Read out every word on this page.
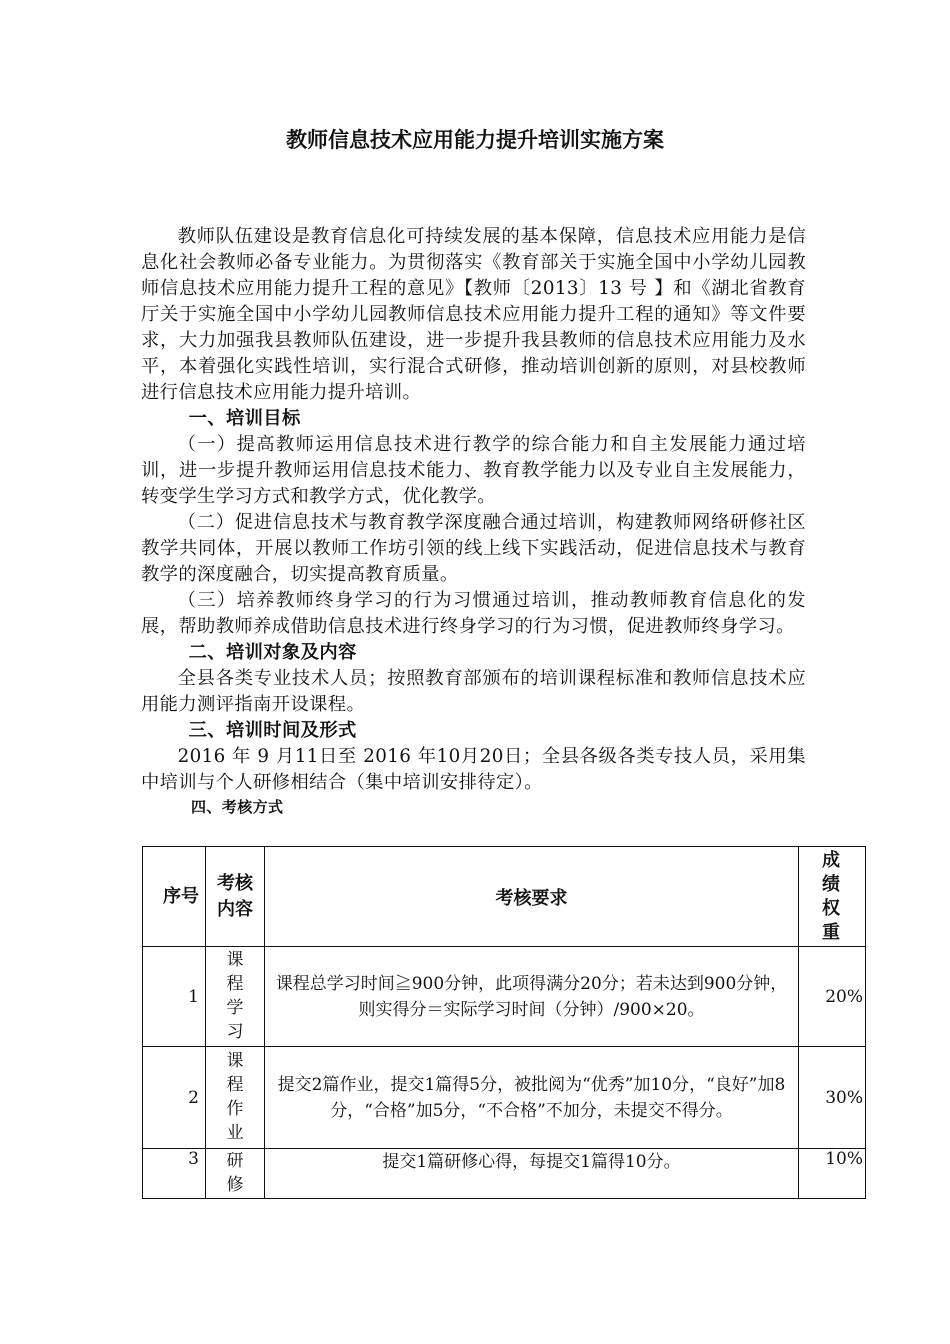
教师信息技术应用能力提升培训实施方案

教师队伍建设是教育信息化可持续发展的基本保障，信息技术应用能力是信息化社会教师必备专业能力。为贯彻落实《教育部关于实施全国中小学幼儿园教师信息技术应用能力提升工程的意见》【教师〔2013〕13 号 】和《湖北省教育厅关于实施全国中小学幼儿园教师信息技术应用能力提升工程的通知》等文件要求，大力加强我县教师队伍建设，进一步提升我县教师的信息技术应用能力及水平，本着强化实践性培训，实行混合式研修，推动培训创新的原则，对县校教师进行信息技术应用能力提升培训。

一、培训目标

（一）提高教师运用信息技术进行教学的综合能力和自主发展能力通过培训，进一步提升教师运用信息技术能力、教育教学能力以及专业自主发展能力，转变学生学习方式和教学方式，优化教学。

（二）促进信息技术与教育教学深度融合通过培训，构建教师网络研修社区教学共同体，开展以教师工作坊引领的线上线下实践活动，促进信息技术与教育教学的深度融合，切实提高教育质量。

（三）培养教师终身学习的行为习惯通过培训，推动教师教育信息化的发展，帮助教师养成借助信息技术进行终身学习的行为习惯，促进教师终身学习。

二、培训对象及内容

全县各类专业技术人员；按照教育部颁布的培训课程标准和教师信息技术应用能力测评指南开设课程。

三、培训时间及形式

2016 年 9 月11日至 2016 年10月20日；全县各级各类专技人员，采用集中培训与个人研修相结合（集中培训安排待定）。

四、考核方式

序号	考核内容	考核要求	成绩权重
1	课程学习	课程总学习时间≧900分钟，此项得满分20分；若未达到900分钟，则实得分＝实际学习时间（分钟）/900×20。	20%
2	课程作业	提交2篇作业，提交1篇得5分，被批阅为“优秀”加10分，“良好”加8分，“合格”加5分，“不合格”不加分，未提交不得分。	30%
3	研修	提交1篇研修心得，每提交1篇得10分。	10%
